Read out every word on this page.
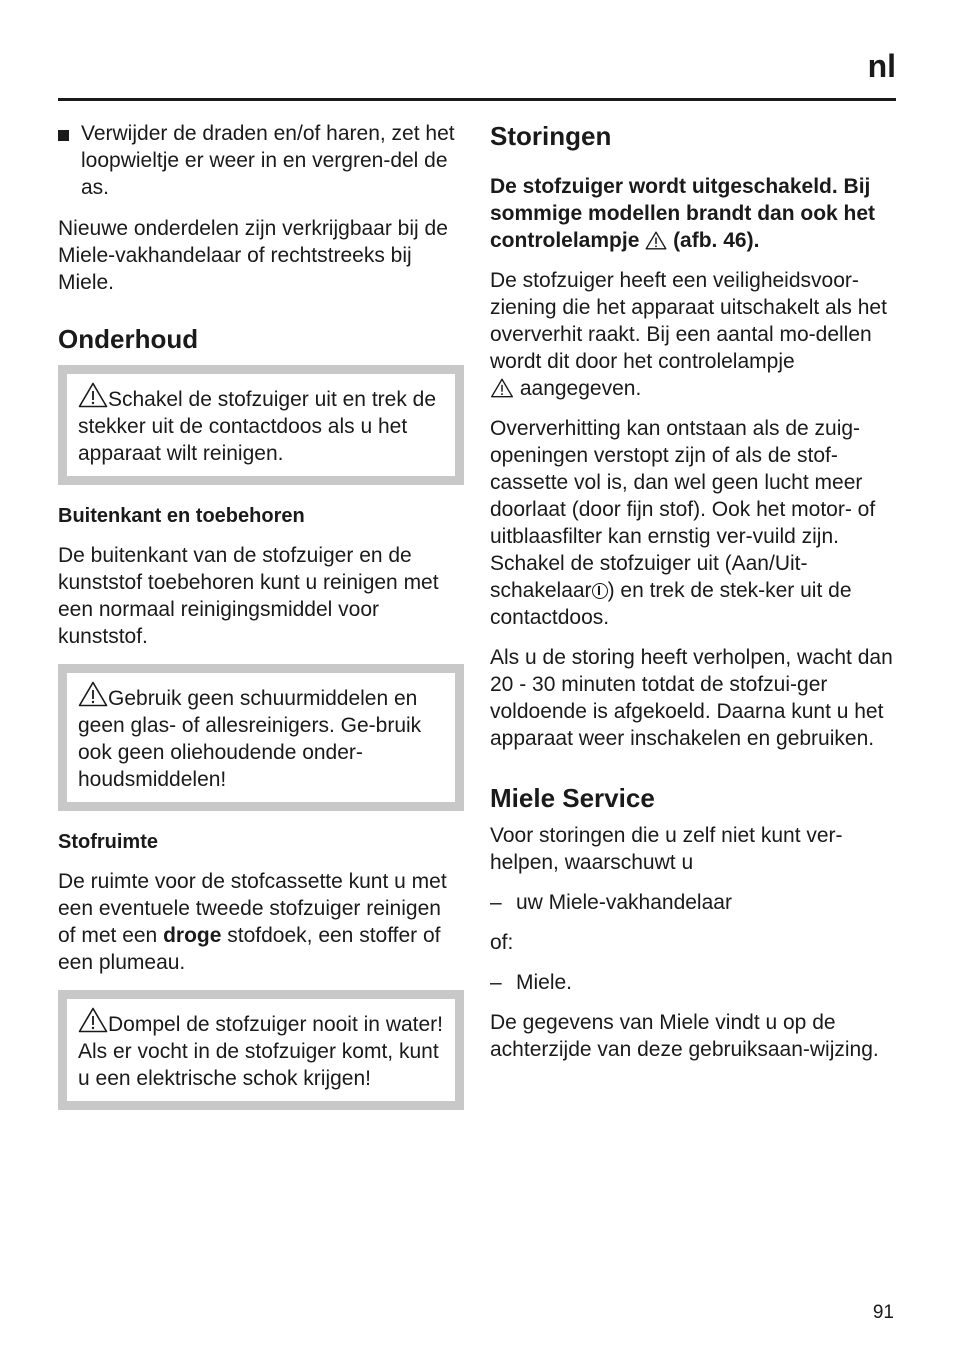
nl

Verwijder de draden en/of haren, zet het loopwieltje er weer in en vergren-del de as.

Nieuwe onderdelen zijn verkrijgbaar bij de Miele-vakhandelaar of rechtstreeks bij Miele.

Onderhoud
Schakel de stofzuiger uit en trek de stekker uit de contactdoos als u het apparaat wilt reinigen.
Buitenkant en toebehoren

De buitenkant van de stofzuiger en de kunststof toebehoren kunt u reinigen met een normaal reinigingsmiddel voor kunststof.

Gebruik geen schuurmiddelen en geen glas- of allesreinigers. Ge-bruik ook geen oliehoudende onder-houdsmiddelen!
Stofruimte

De ruimte voor de stofcassette kunt u met een eventuele tweede stofzuiger reinigen of met een droge stofdoek, een stoffer of een plumeau.

Dompel de stofzuiger nooit in water! Als er vocht in de stofzuiger komt, kunt u een elektrische schok krijgen!
Storingen

De stofzuiger wordt uitgeschakeld. Bij sommige modellen brandt dan ook het controlelampje (afb. 46).

De stofzuiger heeft een veiligheidsvoor-ziening die het apparaat uitschakelt als het oververhit raakt. Bij een aantal mo-dellen wordt dit door het controlelampje
aangegeven.

Oververhitting kan ontstaan als de zuig-openingen verstopt zijn of als de stof-cassette vol is, dan wel geen lucht meer doorlaat (door fijn stof). Ook het motor- of uitblaasfilter kan ernstig ver-vuild zijn. Schakel de stofzuiger uit (Aan/Uit-schakelaar ) en trek de stek-ker uit de contactdoos.

Als u de storing heeft verholpen, wacht dan 20 - 30 minuten totdat de stofzui-ger voldoende is afgekoeld. Daarna kunt u het apparaat weer inschakelen en gebruiken.

Miele Service

Voor storingen die u zelf niet kunt ver-helpen, waarschuwt u

– uw Miele-vakhandelaar

of:

– Miele.

De gegevens van Miele vindt u op de achterzijde van deze gebruiksaan-wijzing.

91
